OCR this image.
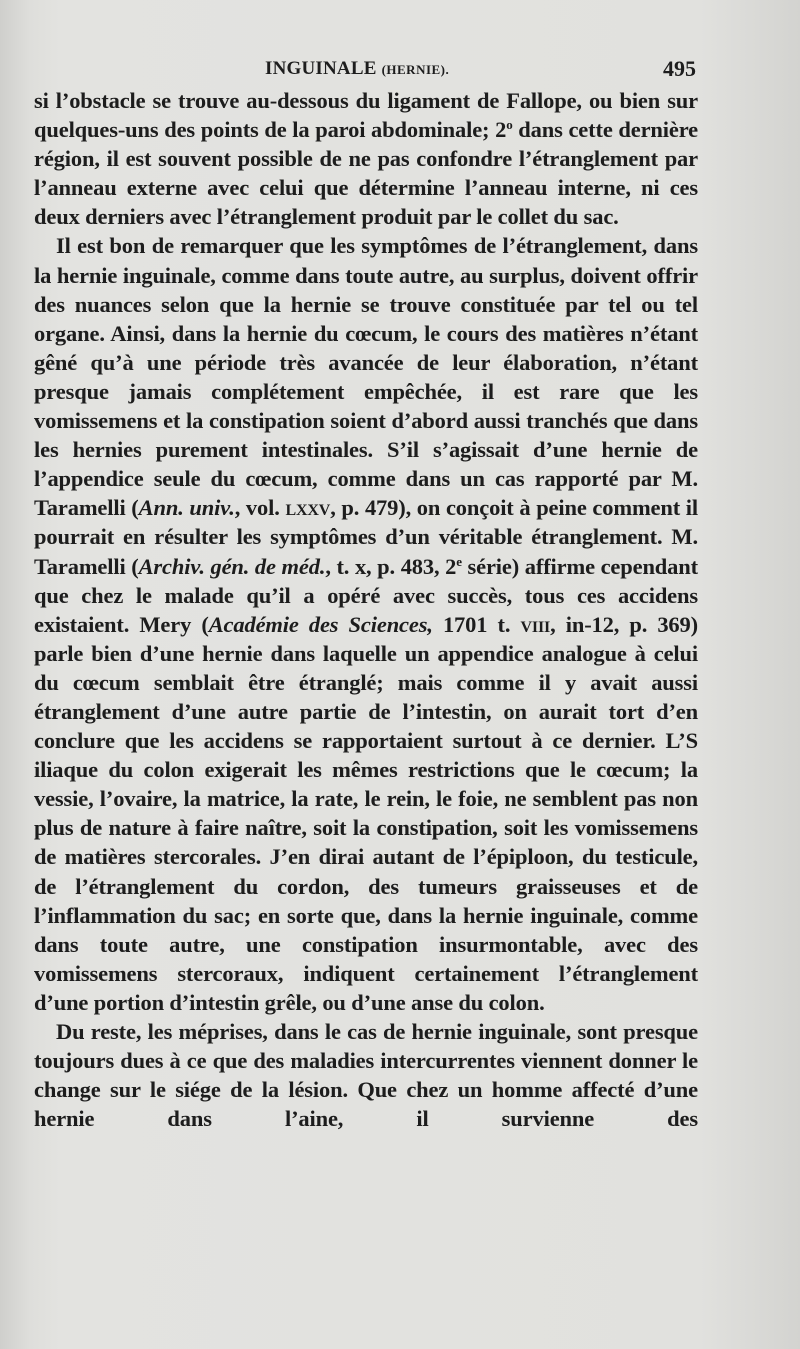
INGUINALE (HERNIE).	495

si l’obstacle se trouve au-dessous du ligament de Fallope, ou bien sur quelques-uns des points de la paroi abdominale; 2$^o$ dans cette dernière région, il est souvent possible de ne pas confondre l’étranglement par l’anneau externe avec celui que détermine l’anneau interne, ni ces deux derniers avec l’étranglement produit par le collet du sac.

Il est bon de remarquer que les symptômes de l’étranglement, dans la hernie inguinale, comme dans toute autre, au surplus, doivent offrir des nuances selon que la hernie se trouve constituée par tel ou tel organe. Ainsi, dans la hernie du cœcum, le cours des matières n’étant gêné qu’à une période très avancée de leur élaboration, n’étant presque jamais complétement empêchée, il est rare que les vomissemens et la constipation soient d’abord aussi tranchés que dans les hernies purement intestinales. S’il s’agissait d’une hernie de l’appendice seule du cœcum, comme dans un cas rapporté par M. Taramelli (Ann. univ., vol. lxxv, p. 479), on conçoit à peine comment il pourrait en résulter les symptômes d’un véritable étranglement. M. Taramelli (Archiv. gén. de méd., t. x, p. 483, 2e série) affirme cependant que chez le malade qu’il a opéré avec succès, tous ces accidens existaient. Mery (Académie des Sciences, 1701 t. viii, in-12, p. 369) parle bien d’une hernie dans laquelle un appendice analogue à celui du cœcum semblait être étranglé; mais comme il y avait aussi étranglement d’une autre partie de l’intestin, on aurait tort d’en conclure que les accidens se rapportaient surtout à ce dernier. L’S iliaque du colon exigerait les mêmes restrictions que le cœcum; la vessie, l’ovaire, la matrice, la rate, le rein, le foie, ne semblent pas non plus de nature à faire naître, soit la constipation, soit les vomissemens de matières stercorales. J’en dirai autant de l’épiploon, du testicule, de l’étranglement du cordon, des tumeurs graisseuses et de l’inflammation du sac; en sorte que, dans la hernie inguinale, comme dans toute autre, une constipation insurmontable, avec des vomissemens stercoraux, indiquent certainement l’étranglement d’une portion d’intestin grêle, ou d’une anse du colon.

Du reste, les méprises, dans le cas de hernie inguinale, sont presque toujours dues à ce que des maladies intercurrentes viennent donner le change sur le siége de la lésion. Que chez un homme affecté d’une hernie dans l’aine, il survienne des
